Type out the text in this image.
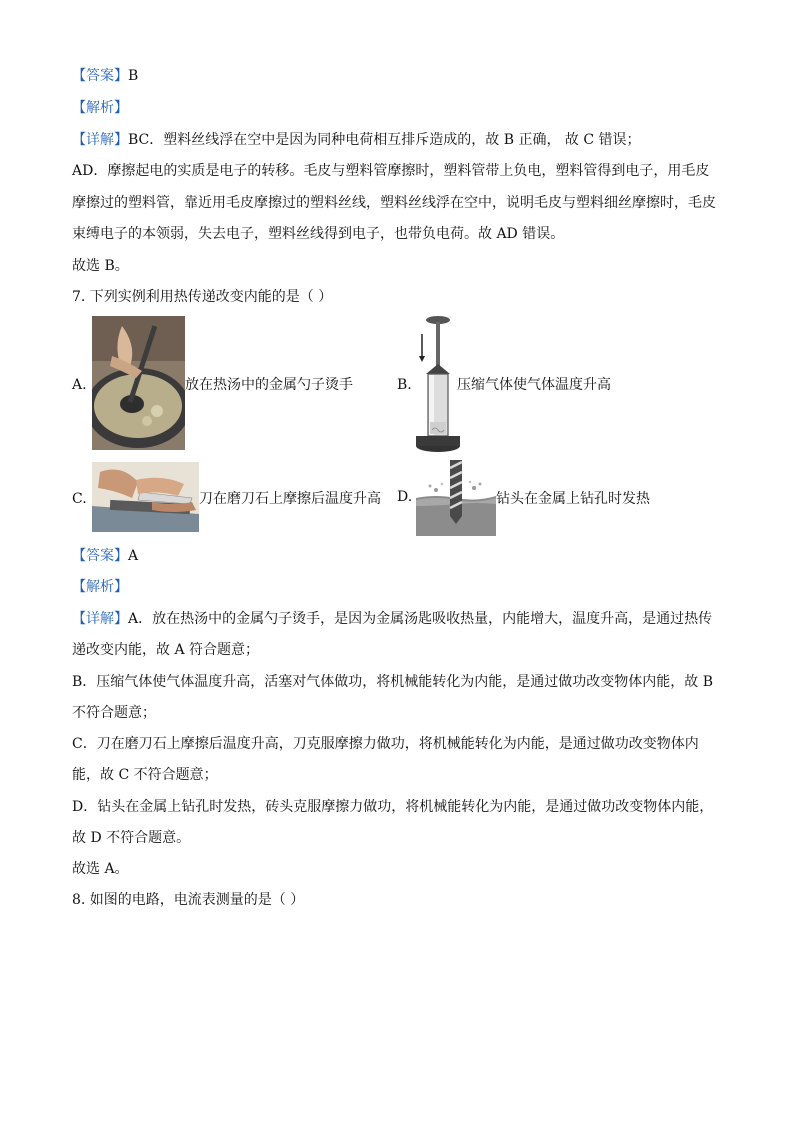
【答案】B
【解析】
【详解】BC．塑料丝线浮在空中是因为同种电荷相互排斥造成的，故 B 正确， 故 C 错误；
AD．摩擦起电的实质是电子的转移。毛皮与塑料管摩擦时，塑料管带上负电，塑料管得到电子，用毛皮
摩擦过的塑料管，靠近用毛皮摩擦过的塑料丝线，塑料丝线浮在空中，说明毛皮与塑料细丝摩擦时，毛皮
束缚电子的本领弱，失去电子，塑料丝线得到电子，也带负电荷。故 AD 错误。
故选 B。
7. 下列实例利用热传递改变内能的是（ ）
A.	放在热汤中的金属勺子烫手	B.	压缩气体使气体温度升高
C.	刀在磨刀石上摩擦后温度升高 D.	钻头在金属上钻孔时发热
【答案】A
【解析】
【详解】A．放在热汤中的金属勺子烫手，是因为金属汤匙吸收热量，内能增大，温度升高，是通过热传
递改变内能，故 A 符合题意；
B．压缩气体使气体温度升高，活塞对气体做功，将机械能转化为内能，是通过做功改变物体内能，故 B
不符合题意；
C．刀在磨刀石上摩擦后温度升高，刀克服摩擦力做功，将机械能转化为内能，是通过做功改变物体内
能，故 C 不符合题意；
D．钻头在金属上钻孔时发热，砖头克服摩擦力做功，将机械能转化为内能，是通过做功改变物体内能，
故 D 不符合题意。
故选 A。
8. 如图的电路，电流表测量的是（ ）
